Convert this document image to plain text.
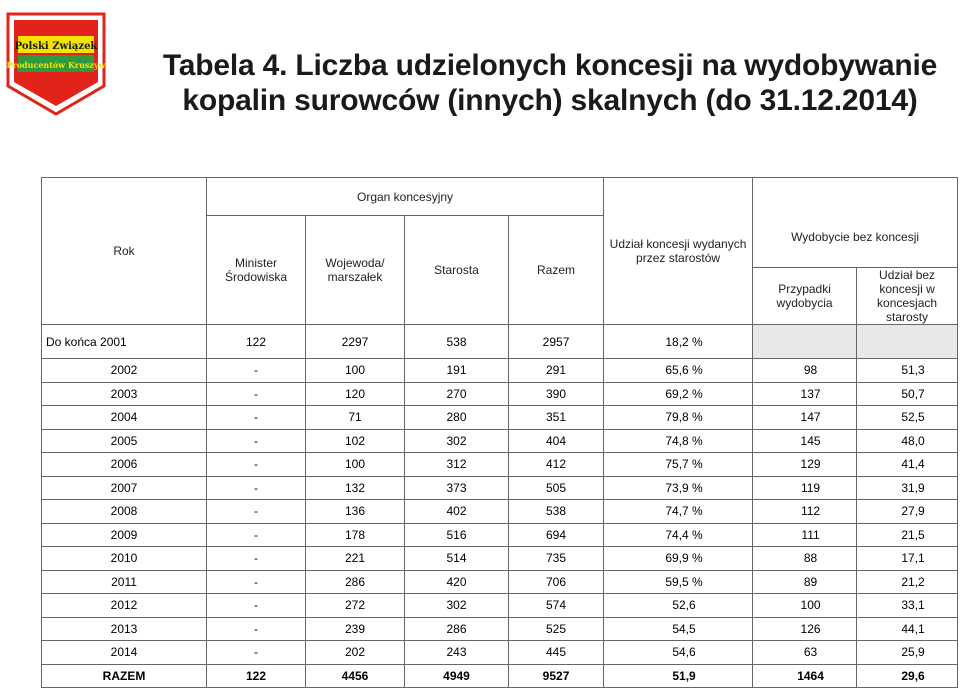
Polski Związek
Producentów Kruszyw	Tabela 4. Liczba udzielonych koncesji na wydobywanie
kopalin surowców (innych) skalnych (do 31.12.2014)
Rok	Organ koncesyjny				Udział koncesji wydanych przez starostów	Wydobycie bez koncesji	
	Minister Środowiska	Wojewoda/ marszałek	Starosta	Razem			
						Przypadki wydobycia	Udział bez koncesji w koncesjach starosty
Do końca 2001	122	2297	538	2957	18,2 %		
2002	-	100	191	291	65,6 %	98	51,3
2003	-	120	270	390	69,2 %	137	50,7
2004	-	71	280	351	79,8 %	147	52,5
2005	-	102	302	404	74,8 %	145	48,0
2006	-	100	312	412	75,7 %	129	41,4
2007	-	132	373	505	73,9 %	119	31,9
2008	-	136	402	538	74,7 %	112	27,9
2009	-	178	516	694	74,4 %	111	21,5
2010	-	221	514	735	69,9 %	88	17,1
2011	-	286	420	706	59,5 %	89	21,2
2012	-	272	302	574	52,6	100	33,1
2013	-	239	286	525	54,5	126	44,1
2014	-	202	243	445	54,6	63	25,9
RAZEM	122	4456	4949	9527	51,9	1464	29,6
